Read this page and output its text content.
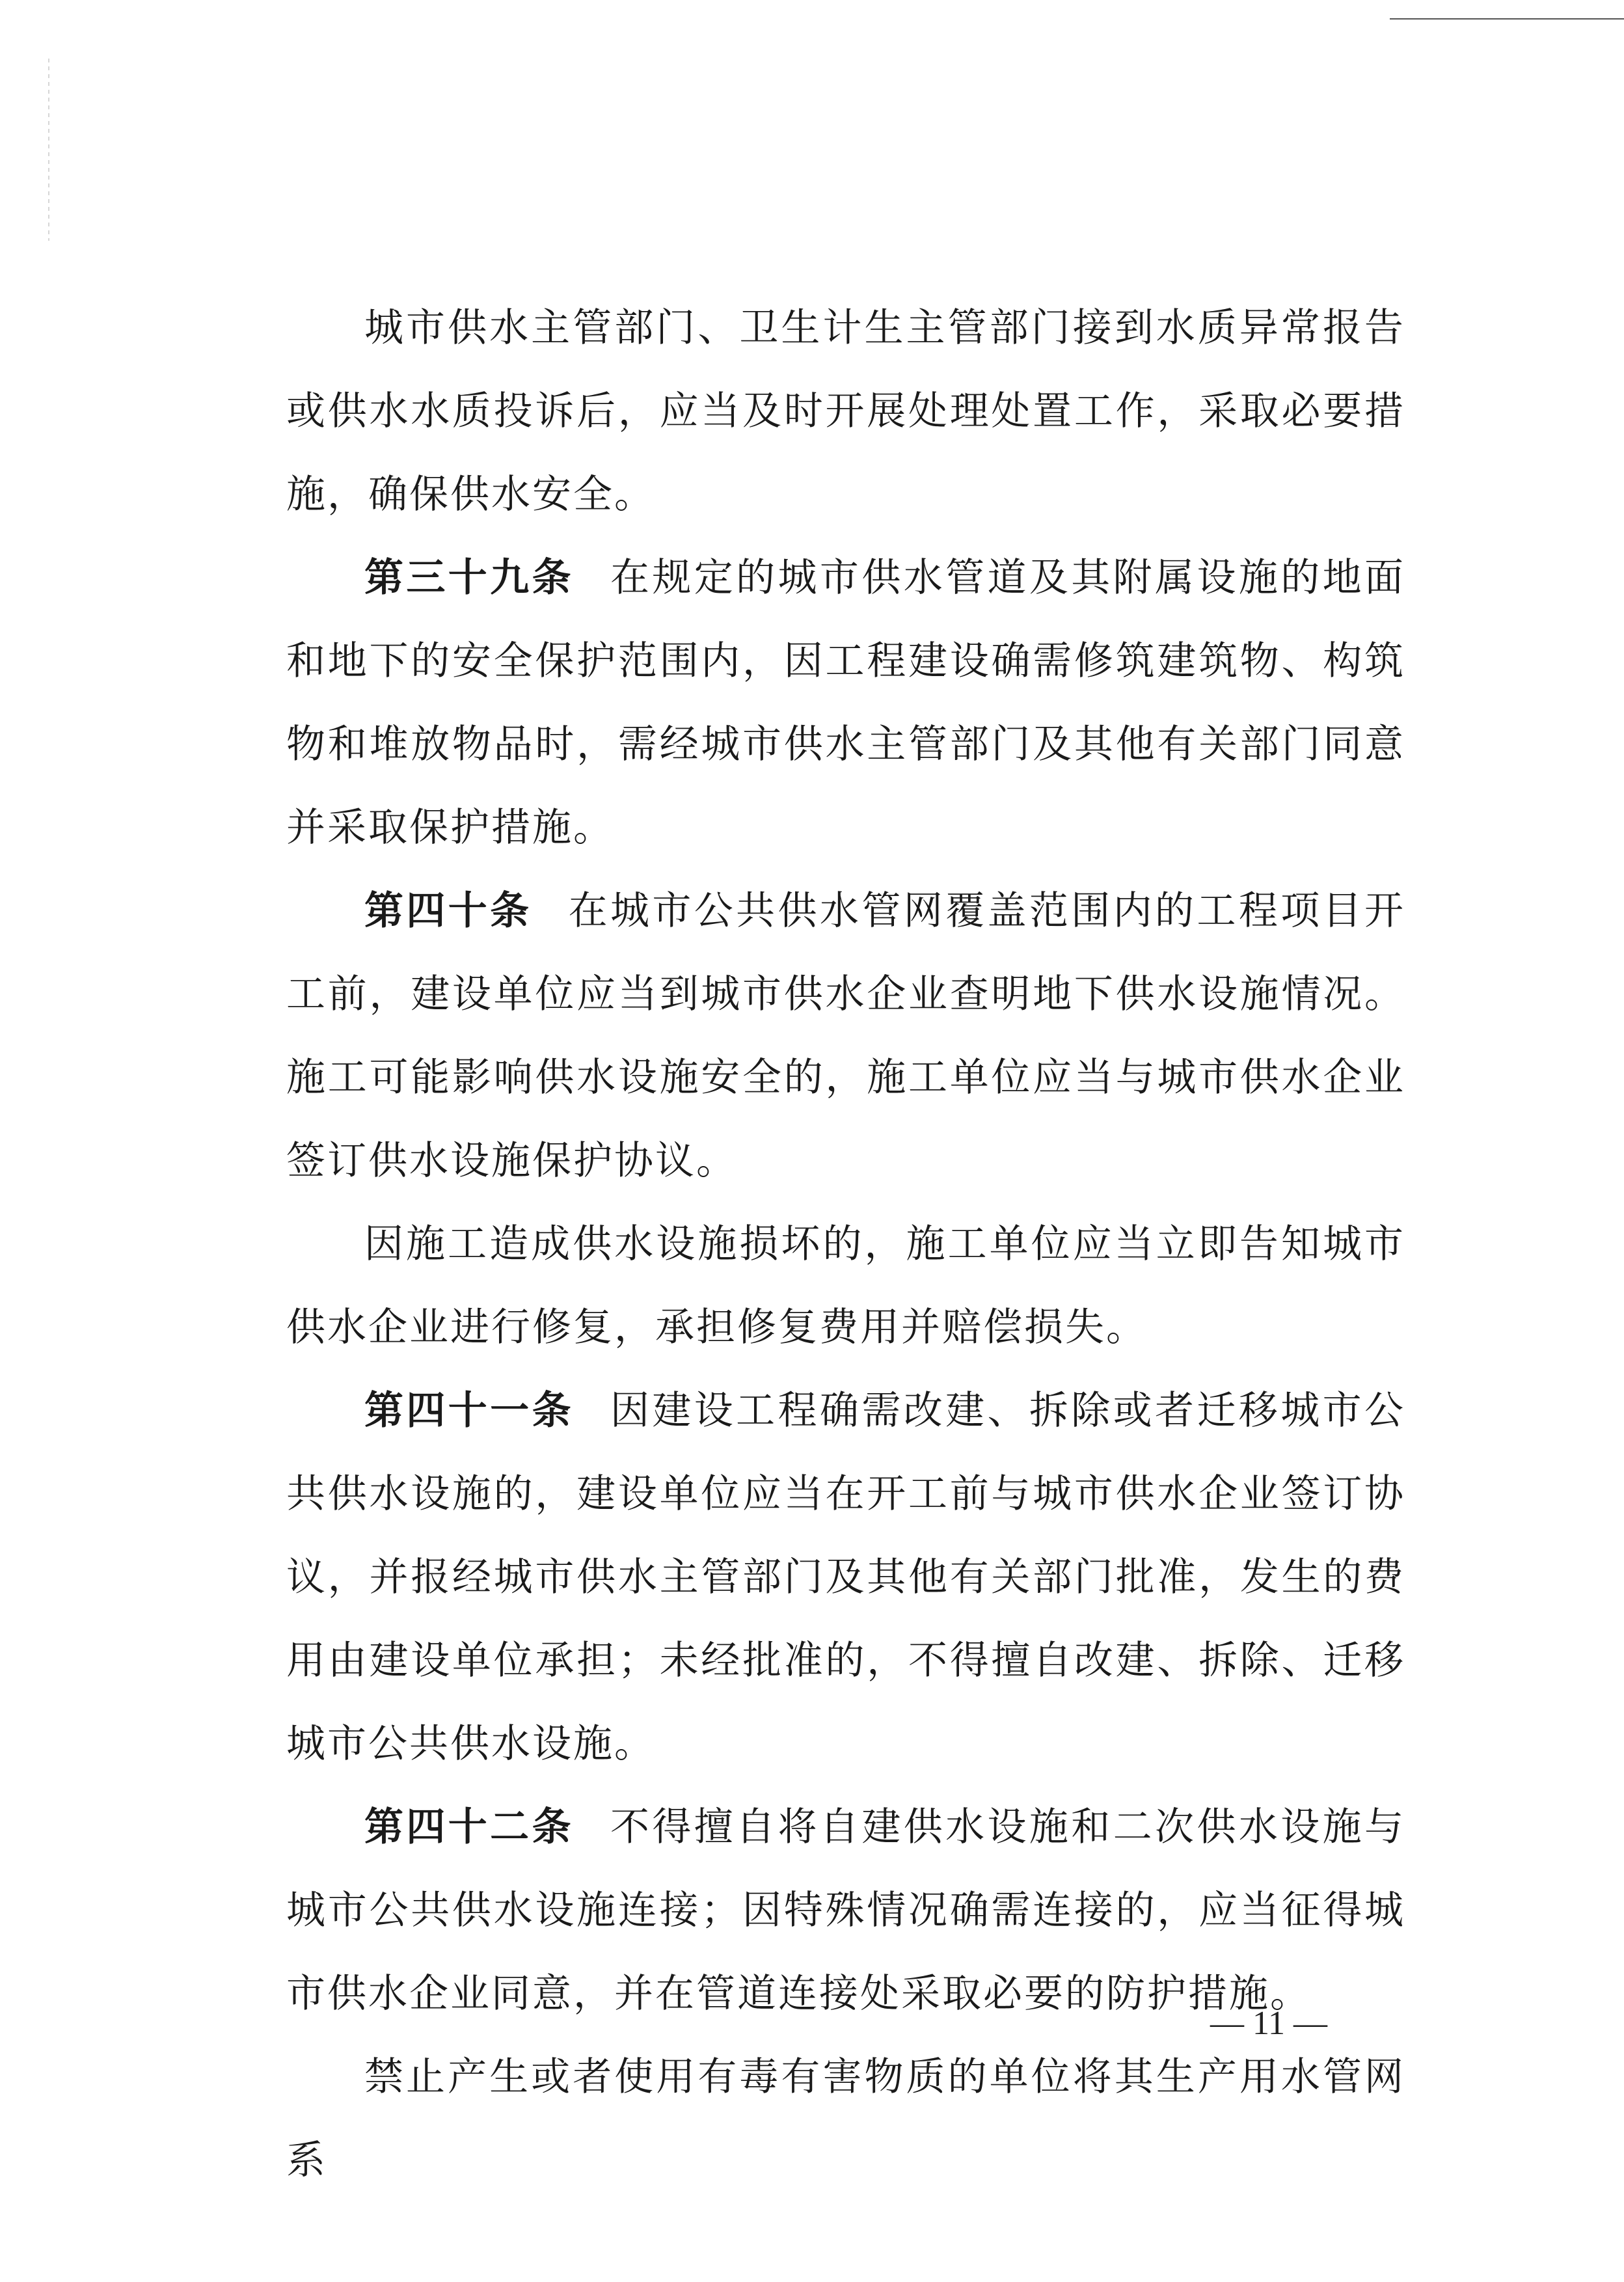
城市供水主管部门、卫生计生主管部门接到水质异常报告或供水水质投诉后，应当及时开展处理处置工作，采取必要措施，确保供水安全。

第三十九条 在规定的城市供水管道及其附属设施的地面和地下的安全保护范围内，因工程建设确需修筑建筑物、构筑物和堆放物品时，需经城市供水主管部门及其他有关部门同意并采取保护措施。

第四十条 在城市公共供水管网覆盖范围内的工程项目开工前，建设单位应当到城市供水企业查明地下供水设施情况。施工可能影响供水设施安全的，施工单位应当与城市供水企业签订供水设施保护协议。

因施工造成供水设施损坏的，施工单位应当立即告知城市供水企业进行修复，承担修复费用并赔偿损失。

第四十一条 因建设工程确需改建、拆除或者迁移城市公共供水设施的，建设单位应当在开工前与城市供水企业签订协议，并报经城市供水主管部门及其他有关部门批准，发生的费用由建设单位承担；未经批准的，不得擅自改建、拆除、迁移城市公共供水设施。

第四十二条 不得擅自将自建供水设施和二次供水设施与城市公共供水设施连接；因特殊情况确需连接的，应当征得城市供水企业同意，并在管道连接处采取必要的防护措施。

禁止产生或者使用有毒有害物质的单位将其生产用水管网系

— 11 —
